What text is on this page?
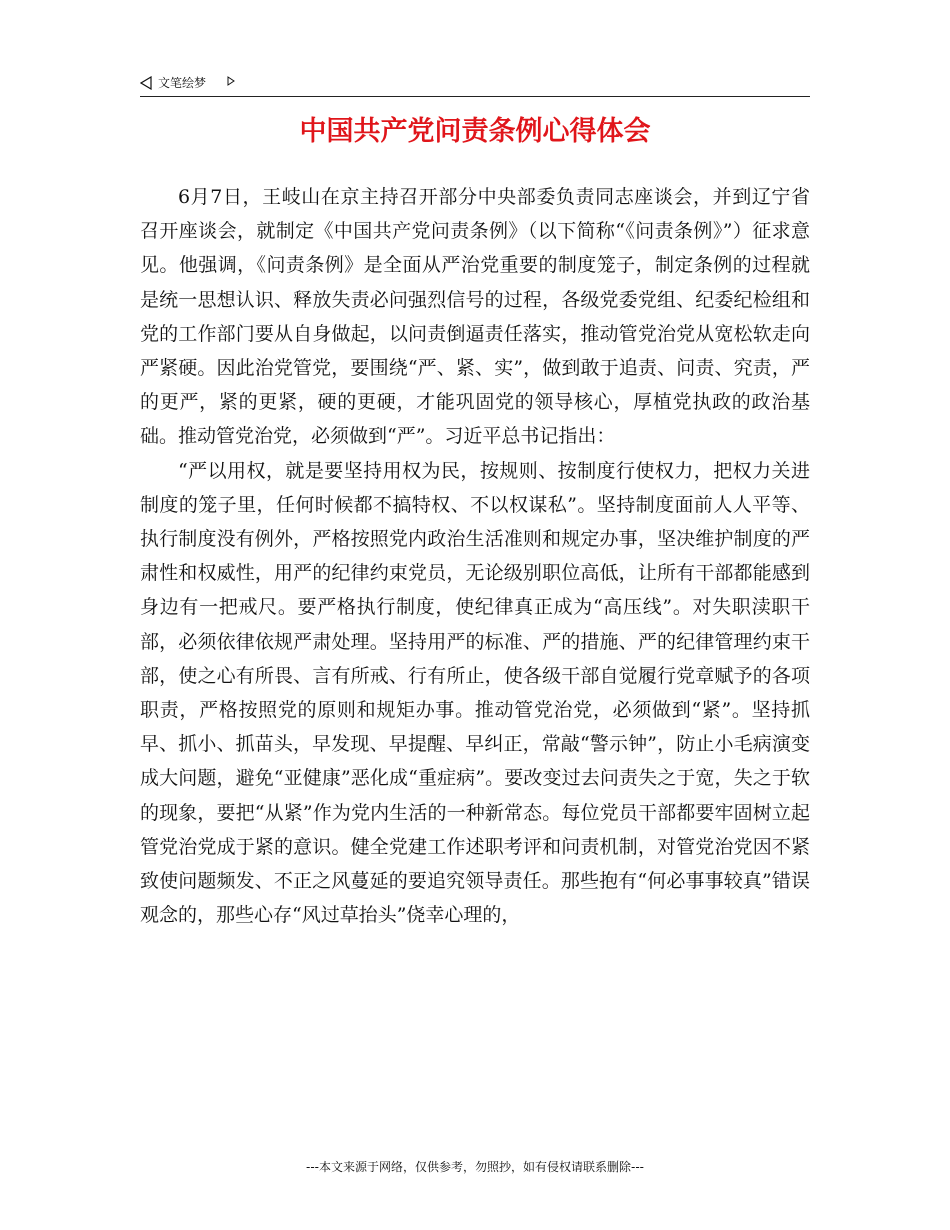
文笔绘梦
中国共产党问责条例心得体会

6月7日，王岐山在京主持召开部分中央部委负责同志座谈会，并到辽宁省召开座谈会，就制定《中国共产党问责条例》（以下简称“《问责条例》”）征求意见。他强调，《问责条例》是全面从严治党重要的制度笼子，制定条例的过程就是统一思想认识、释放失责必问强烈信号的过程，各级党委党组、纪委纪检组和党的工作部门要从自身做起，以问责倒逼责任落实，推动管党治党从宽松软走向严紧硬。因此治党管党，要围绕“严、紧、实”，做到敢于追责、问责、究责，严的更严，紧的更紧，硬的更硬，才能巩固党的领导核心，厚植党执政的政治基础。推动管党治党，必须做到“严”。习近平总书记指出：

“严以用权，就是要坚持用权为民，按规则、按制度行使权力，把权力关进制度的笼子里，任何时候都不搞特权、不以权谋私”。坚持制度面前人人平等、执行制度没有例外，严格按照党内政治生活准则和规定办事，坚决维护制度的严肃性和权威性，用严的纪律约束党员，无论级别职位高低，让所有干部都能感到身边有一把戒尺。要严格执行制度，使纪律真正成为“高压线”。对失职渎职干部，必须依律依规严肃处理。坚持用严的标准、严的措施、严的纪律管理约束干部，使之心有所畏、言有所戒、行有所止，使各级干部自觉履行党章赋予的各项职责，严格按照党的原则和规矩办事。推动管党治党，必须做到“紧”。坚持抓早、抓小、抓苗头，早发现、早提醒、早纠正，常敲“警示钟”，防止小毛病演变成大问题，避免“亚健康”恶化成“重症病”。要改变过去问责失之于宽，失之于软的现象，要把“从紧”作为党内生活的一种新常态。每位党员干部都要牢固树立起管党治党成于紧的意识。健全党建工作述职考评和问责机制，对管党治党因不紧致使问题频发、不正之风蔓延的要追究领导责任。那些抱有“何必事事较真”错误观念的，那些心存“风过草抬头”侥幸心理的，

---本文来源于网络，仅供参考，勿照抄，如有侵权请联系删除---
